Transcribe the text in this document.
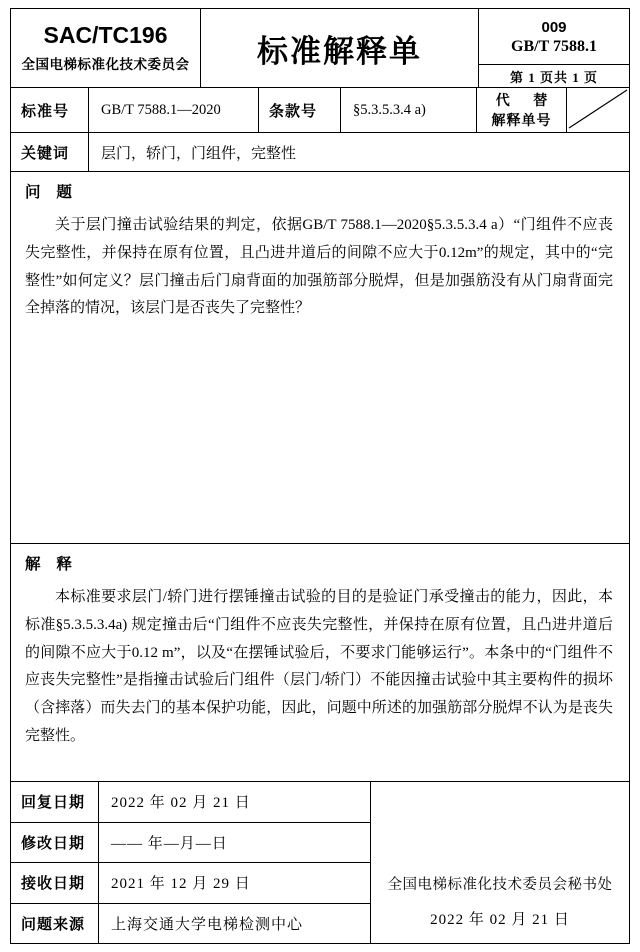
SAC/TC196
全国电梯标准化技术委员会 标准解释单
009
GB/T 7588.1
第 1 页共 1 页
标准号	GB/T 7588.1—2020	条款号	§5.3.5.3.4 a)	代 替
解释单号
关键词	层门，轿门，门组件，完整性
问 题
关于层门撞击试验结果的判定，依据GB/T 7588.1—2020§5.3.5.3.4 a）“门组件不应丧失完整性，并保持在原有位置，且凸进井道后的间隙不应大于0.12m”的规定，其中的“完整性”如何定义？层门撞击后门扇背面的加强筋部分脱焊，但是加强筋没有从门扇背面完全掉落的情况，该层门是否丧失了完整性？
解 释
本标准要求层门/轿门进行摆锤撞击试验的目的是验证门承受撞击的能力，因此，本标准§5.3.5.3.4a) 规定撞击后“门组件不应丧失完整性，并保持在原有位置，且凸进井道后的间隙不应大于0.12 m”，以及“在摆锤试验后，不要求门能够运行”。本条中的“门组件不应丧失完整性”是指撞击试验后门组件（层门/轿门）不能因撞击试验中其主要构件的损坏（含摔落）而失去门的基本保护功能，因此，问题中所述的加强筋部分脱焊不认为是丧失完整性。
回复日期	2022 年 02 月 21 日
修改日期	—— 年—月—日
接收日期	2021 年 12 月 29 日
问题来源	上海交通大学电梯检测中心
全国电梯标准化技术委员会秘书处
2022 年 02 月 21 日
